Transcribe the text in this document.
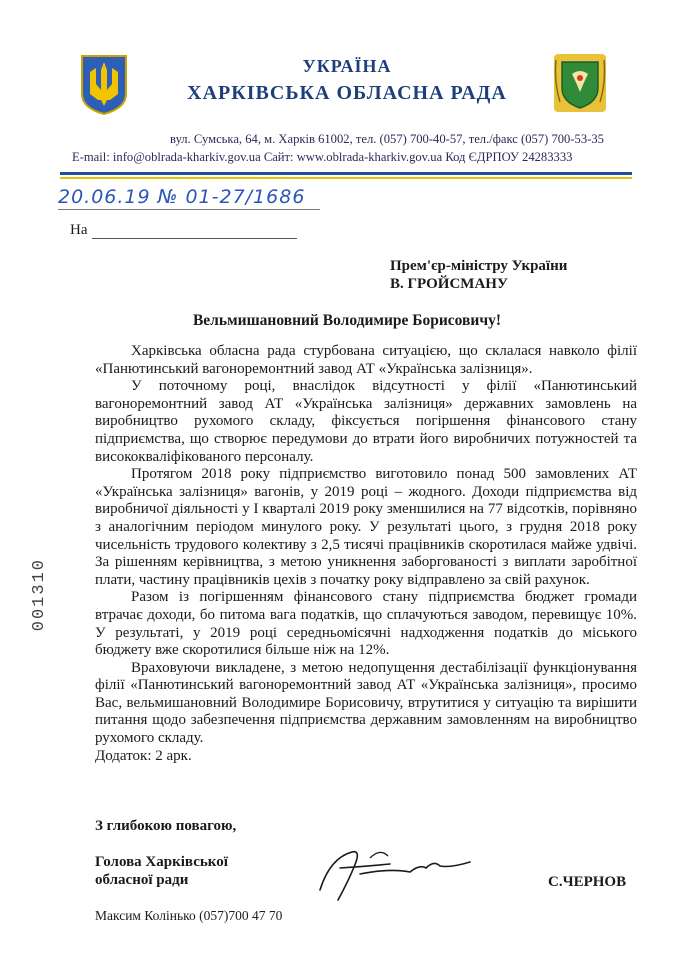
УКРАЇНА
ХАРКІВСЬКА ОБЛАСНА РАДА
вул. Сумська, 64, м. Харків 61002, тел. (057) 700-40-57, тел./факс (057) 700-53-35
E-mail: info@oblrada-kharkiv.gov.ua Сайт: www.oblrada-kharkiv.gov.ua Код ЄДРПОУ 24283333
20.06.19 № 01-27/1686
На
Прем'єр-міністру України
В. ГРОЙСМАНУ
Вельмишановний Володимире Борисовичу!

Харківська обласна рада стурбована ситуацією, що склалася навколо філії «Панютинський вагоноремонтний завод АТ «Українська залізниця».

У поточному році, внаслідок відсутності у філії «Панютинський вагоноремонтний завод АТ «Українська залізниця» державних замовлень на виробництво рухомого складу, фіксується погіршення фінансового стану підприємства, що створює передумови до втрати його виробничих потужностей та висококваліфікованого персоналу.

Протягом 2018 року підприємство виготовило понад 500 замовлених АТ «Українська залізниця» вагонів, у 2019 році – жодного. Доходи підприємства від виробничої діяльності у I кварталі 2019 року зменшилися на 77 відсотків, порівняно з аналогічним періодом минулого року. У результаті цього, з грудня 2018 року чисельність трудового колективу з 2,5 тисячі працівників скоротилася майже удвічі. За рішенням керівництва, з метою уникнення заборгованості з виплати заробітної плати, частину працівників цехів з початку року відправлено за свій рахунок.

Разом із погіршенням фінансового стану підприємства бюджет громади втрачає доходи, бо питома вага податків, що сплачуються заводом, перевищує 10%. У результаті, у 2019 році середньомісячні надходження податків до міського бюджету вже скоротилися більше ніж на 12%.

Враховуючи викладене, з метою недопущення дестабілізації функціонування філії «Панютинський вагоноремонтний завод АТ «Українська залізниця», просимо Вас, вельмишановний Володимире Борисовичу, втрутитися у ситуацію та вирішити питання щодо забезпечення підприємства державним замовленням на виробництво рухомого складу.

Додаток: 2 арк.

001310
З глибокою повагою,
Голова Харківської
обласної ради	С.ЧЕРНОВ
Максим Колінько (057)700 47 70
